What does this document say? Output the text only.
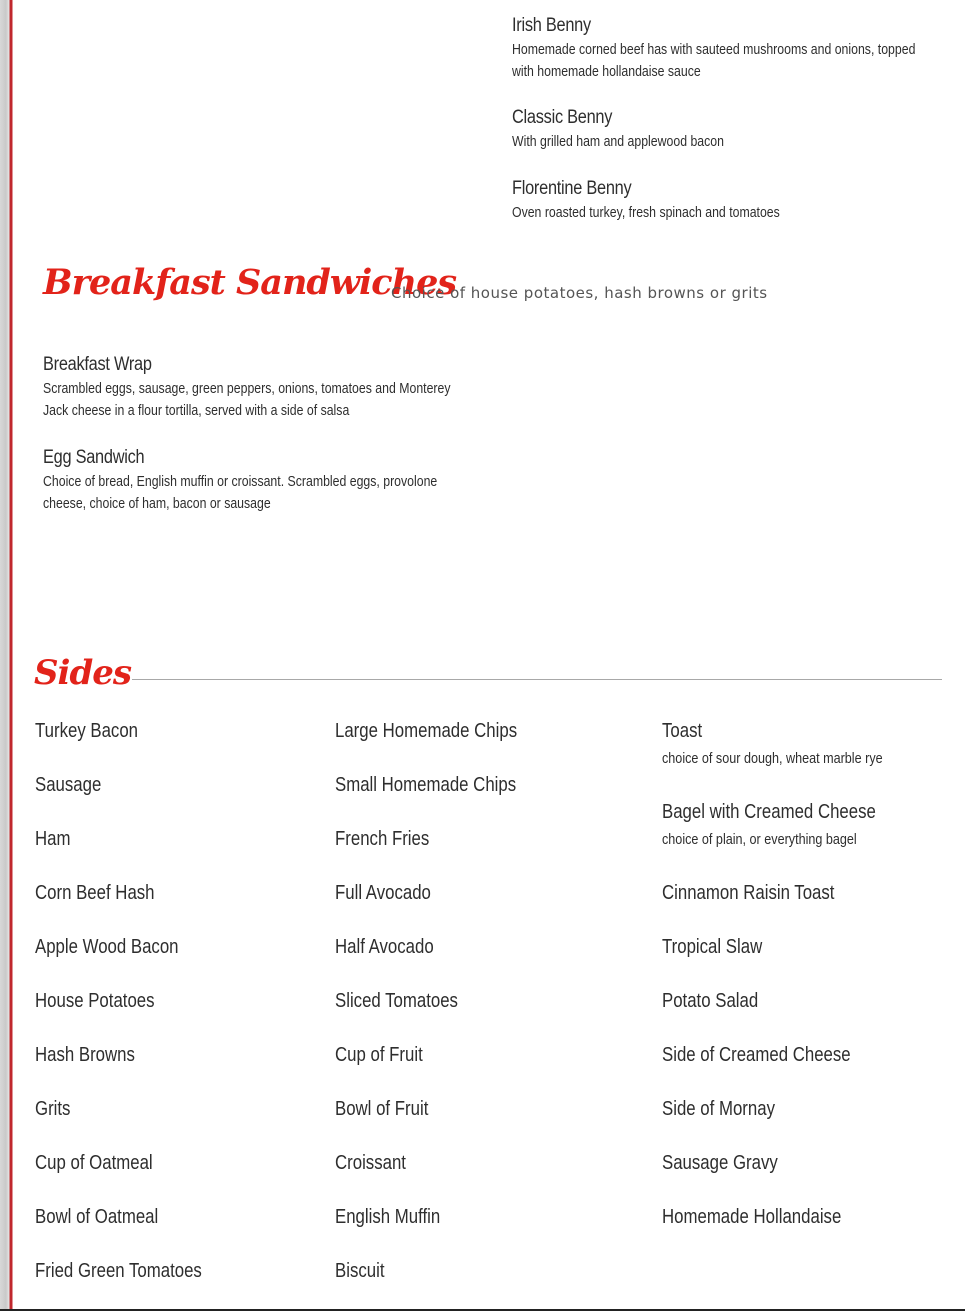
Irish Benny
Homemade corned beef has with sauteed mushrooms and onions, topped with homemade hollandaise sauce
Classic Benny
With grilled ham and applewood bacon
Florentine Benny
Oven roasted turkey, fresh spinach and tomatoes
Breakfast Sandwiches
Choice of house potatoes, hash browns or grits
Breakfast Wrap
Scrambled eggs, sausage, green peppers, onions, tomatoes and Monterey Jack cheese in a flour tortilla, served with a side of salsa
Egg Sandwich
Choice of bread, English muffin or croissant. Scrambled eggs, provolone cheese, choice of ham, bacon or sausage
Sides
Turkey Bacon
Sausage
Ham
Corn Beef Hash
Apple Wood Bacon
House Potatoes
Hash Browns
Grits
Cup of Oatmeal
Bowl of Oatmeal
Fried Green Tomatoes
Large Homemade Chips
Small Homemade Chips
French Fries
Full Avocado
Half Avocado
Sliced Tomatoes
Cup of Fruit
Bowl of Fruit
Croissant
English Muffin
Biscuit
Toast
choice of sour dough, wheat marble rye
Bagel with Creamed Cheese
choice of plain, or everything bagel
Cinnamon Raisin Toast
Tropical Slaw
Potato Salad
Side of Creamed Cheese
Side of Mornay
Sausage Gravy
Homemade Hollandaise
